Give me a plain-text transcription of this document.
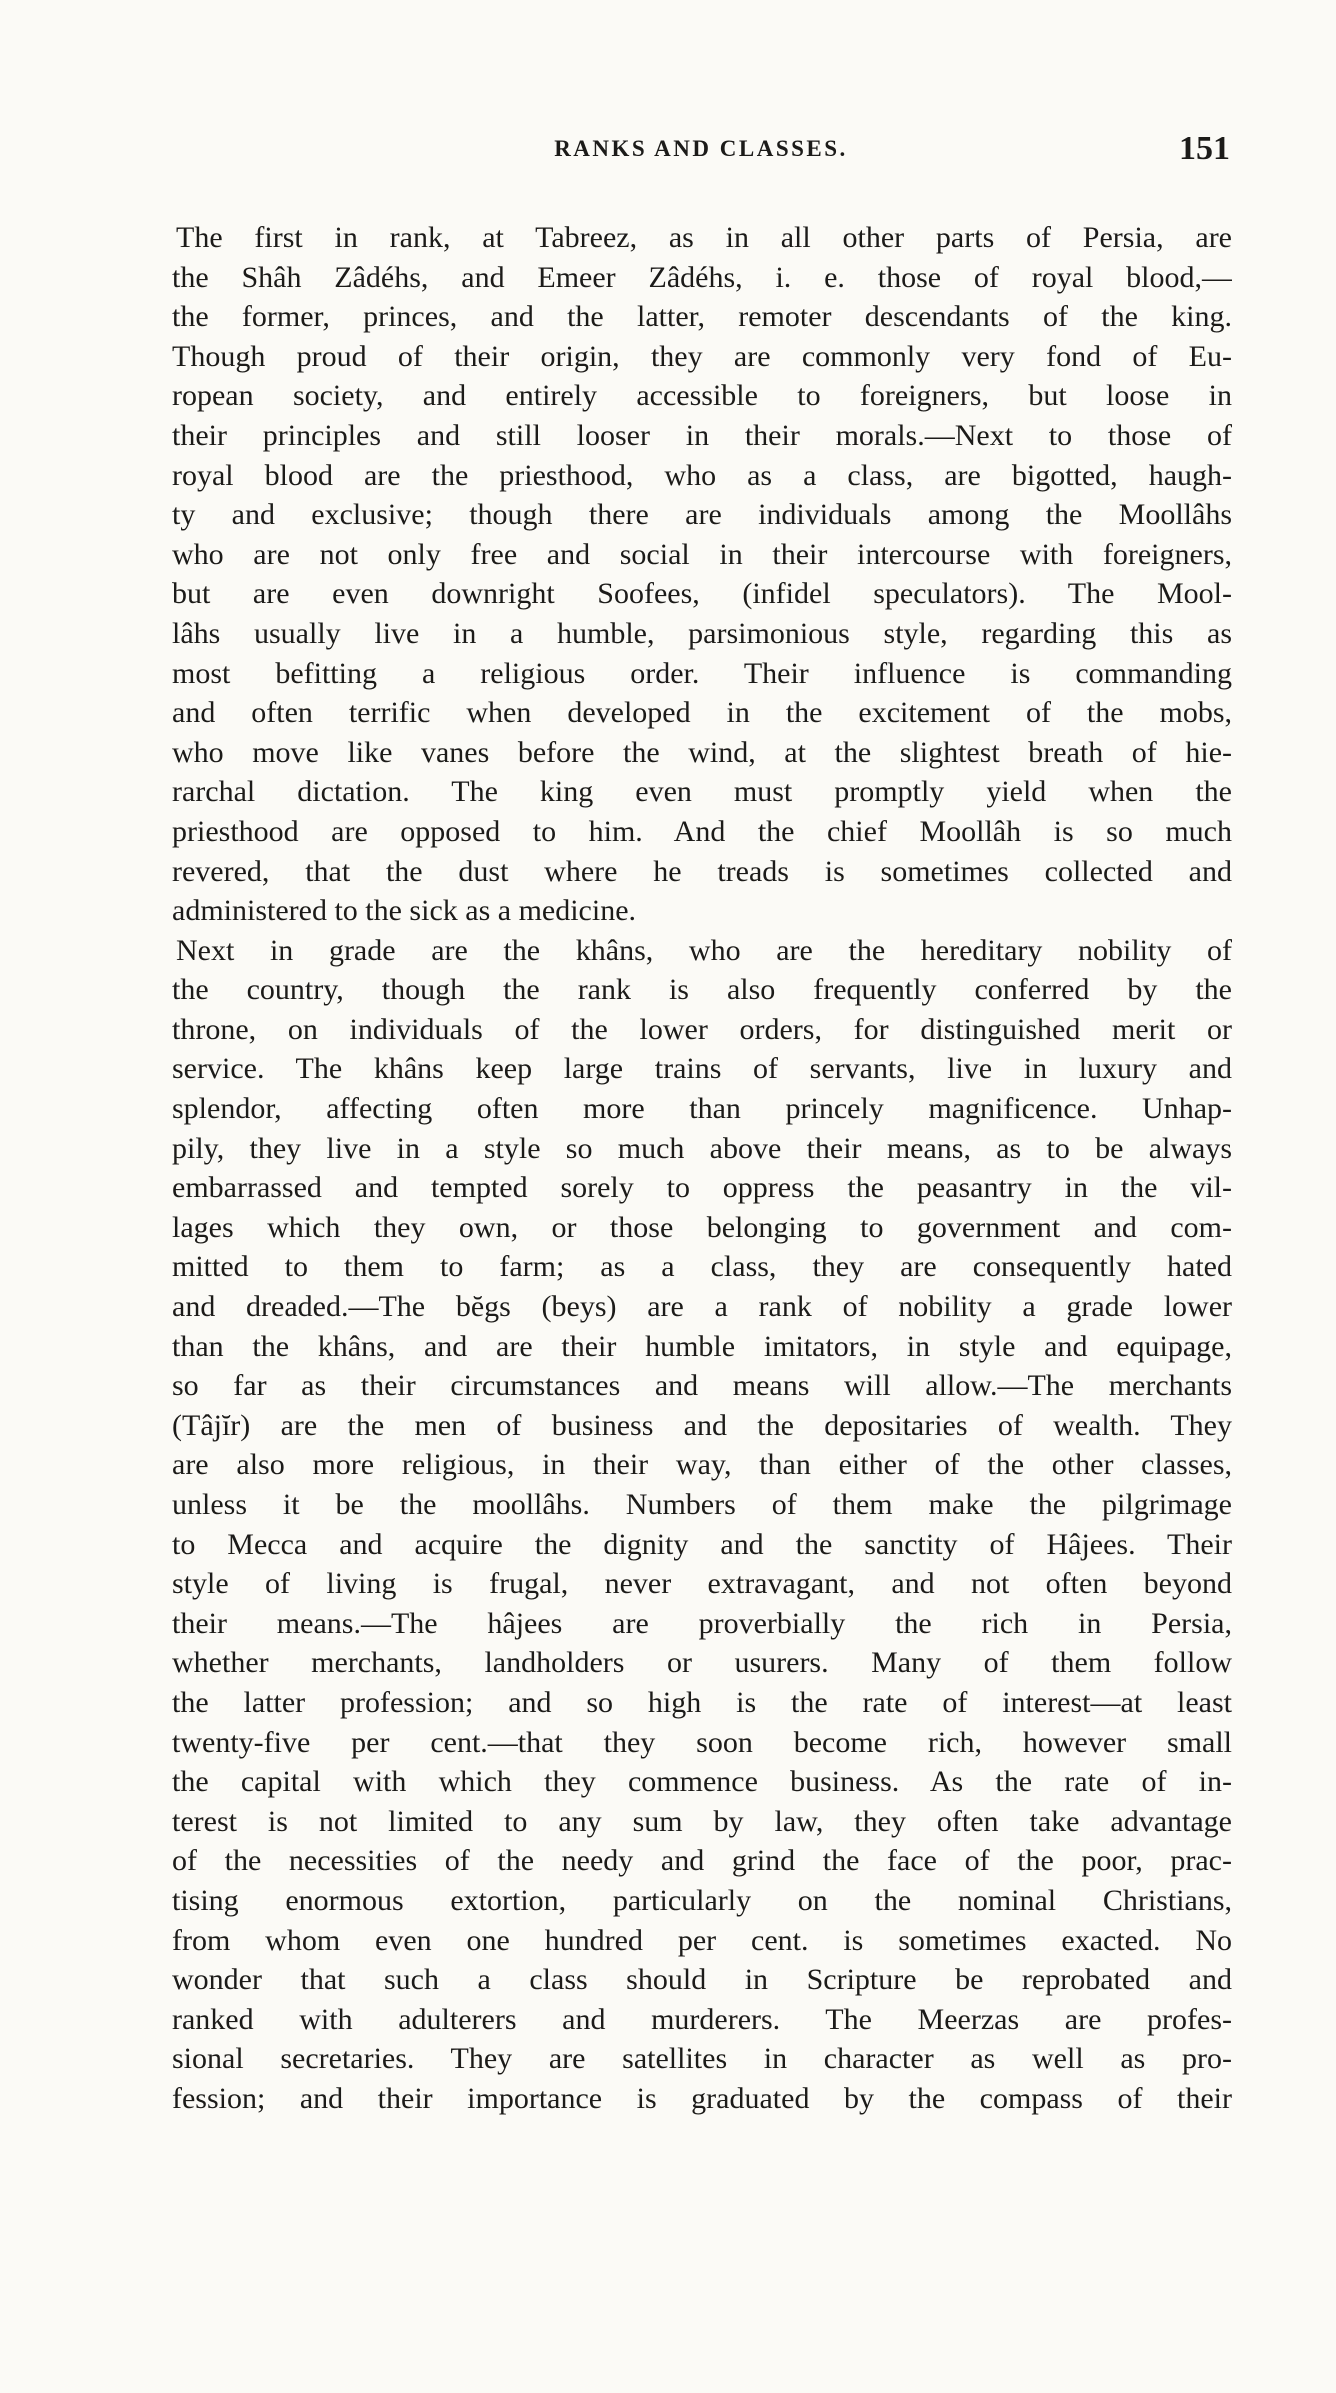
RANKS AND CLASSES.	151
The first in rank, at Tabreez, as in all other parts of Persia, are
the Shâh Zâdéhs, and Emeer Zâdéhs, i. e. those of royal blood,—
the former, princes, and the latter, remoter descendants of the king.
Though proud of their origin, they are commonly very fond of Eu-
ropean society, and entirely accessible to foreigners, but loose in
their principles and still looser in their morals.—Next to those of
royal blood are the priesthood, who as a class, are bigotted, haugh-
ty and exclusive; though there are individuals among the Moollâhs
who are not only free and social in their intercourse with foreigners,
but are even downright Soofees, (infidel speculators). The Mool-
lâhs usually live in a humble, parsimonious style, regarding this as
most befitting a religious order. Their influence is commanding
and often terrific when developed in the excitement of the mobs,
who move like vanes before the wind, at the slightest breath of hie-
rarchal dictation. The king even must promptly yield when the
priesthood are opposed to him. And the chief Moollâh is so much
revered, that the dust where he treads is sometimes collected and
administered to the sick as a medicine.
Next in grade are the khâns, who are the hereditary nobility of
the country, though the rank is also frequently conferred by the
throne, on individuals of the lower orders, for distinguished merit or
service. The khâns keep large trains of servants, live in luxury and
splendor, affecting often more than princely magnificence. Unhap-
pily, they live in a style so much above their means, as to be always
embarrassed and tempted sorely to oppress the peasantry in the vil-
lages which they own, or those belonging to government and com-
mitted to them to farm; as a class, they are consequently hated
and dreaded.—The bĕgs (beys) are a rank of nobility a grade lower
than the khâns, and are their humble imitators, in style and equipage,
so far as their circumstances and means will allow.—The merchants
(Tâjĭr) are the men of business and the depositaries of wealth. They
are also more religious, in their way, than either of the other classes,
unless it be the moollâhs. Numbers of them make the pilgrimage
to Mecca and acquire the dignity and the sanctity of Hâjees. Their
style of living is frugal, never extravagant, and not often beyond
their means.—The hâjees are proverbially the rich in Persia,
whether merchants, landholders or usurers. Many of them follow
the latter profession; and so high is the rate of interest—at least
twenty-five per cent.—that they soon become rich, however small
the capital with which they commence business. As the rate of in-
terest is not limited to any sum by law, they often take advantage
of the necessities of the needy and grind the face of the poor, prac-
tising enormous extortion, particularly on the nominal Christians,
from whom even one hundred per cent. is sometimes exacted. No
wonder that such a class should in Scripture be reprobated and
ranked with adulterers and murderers. The Meerzas are profes-
sional secretaries. They are satellites in character as well as pro-
fession; and their importance is graduated by the compass of their
